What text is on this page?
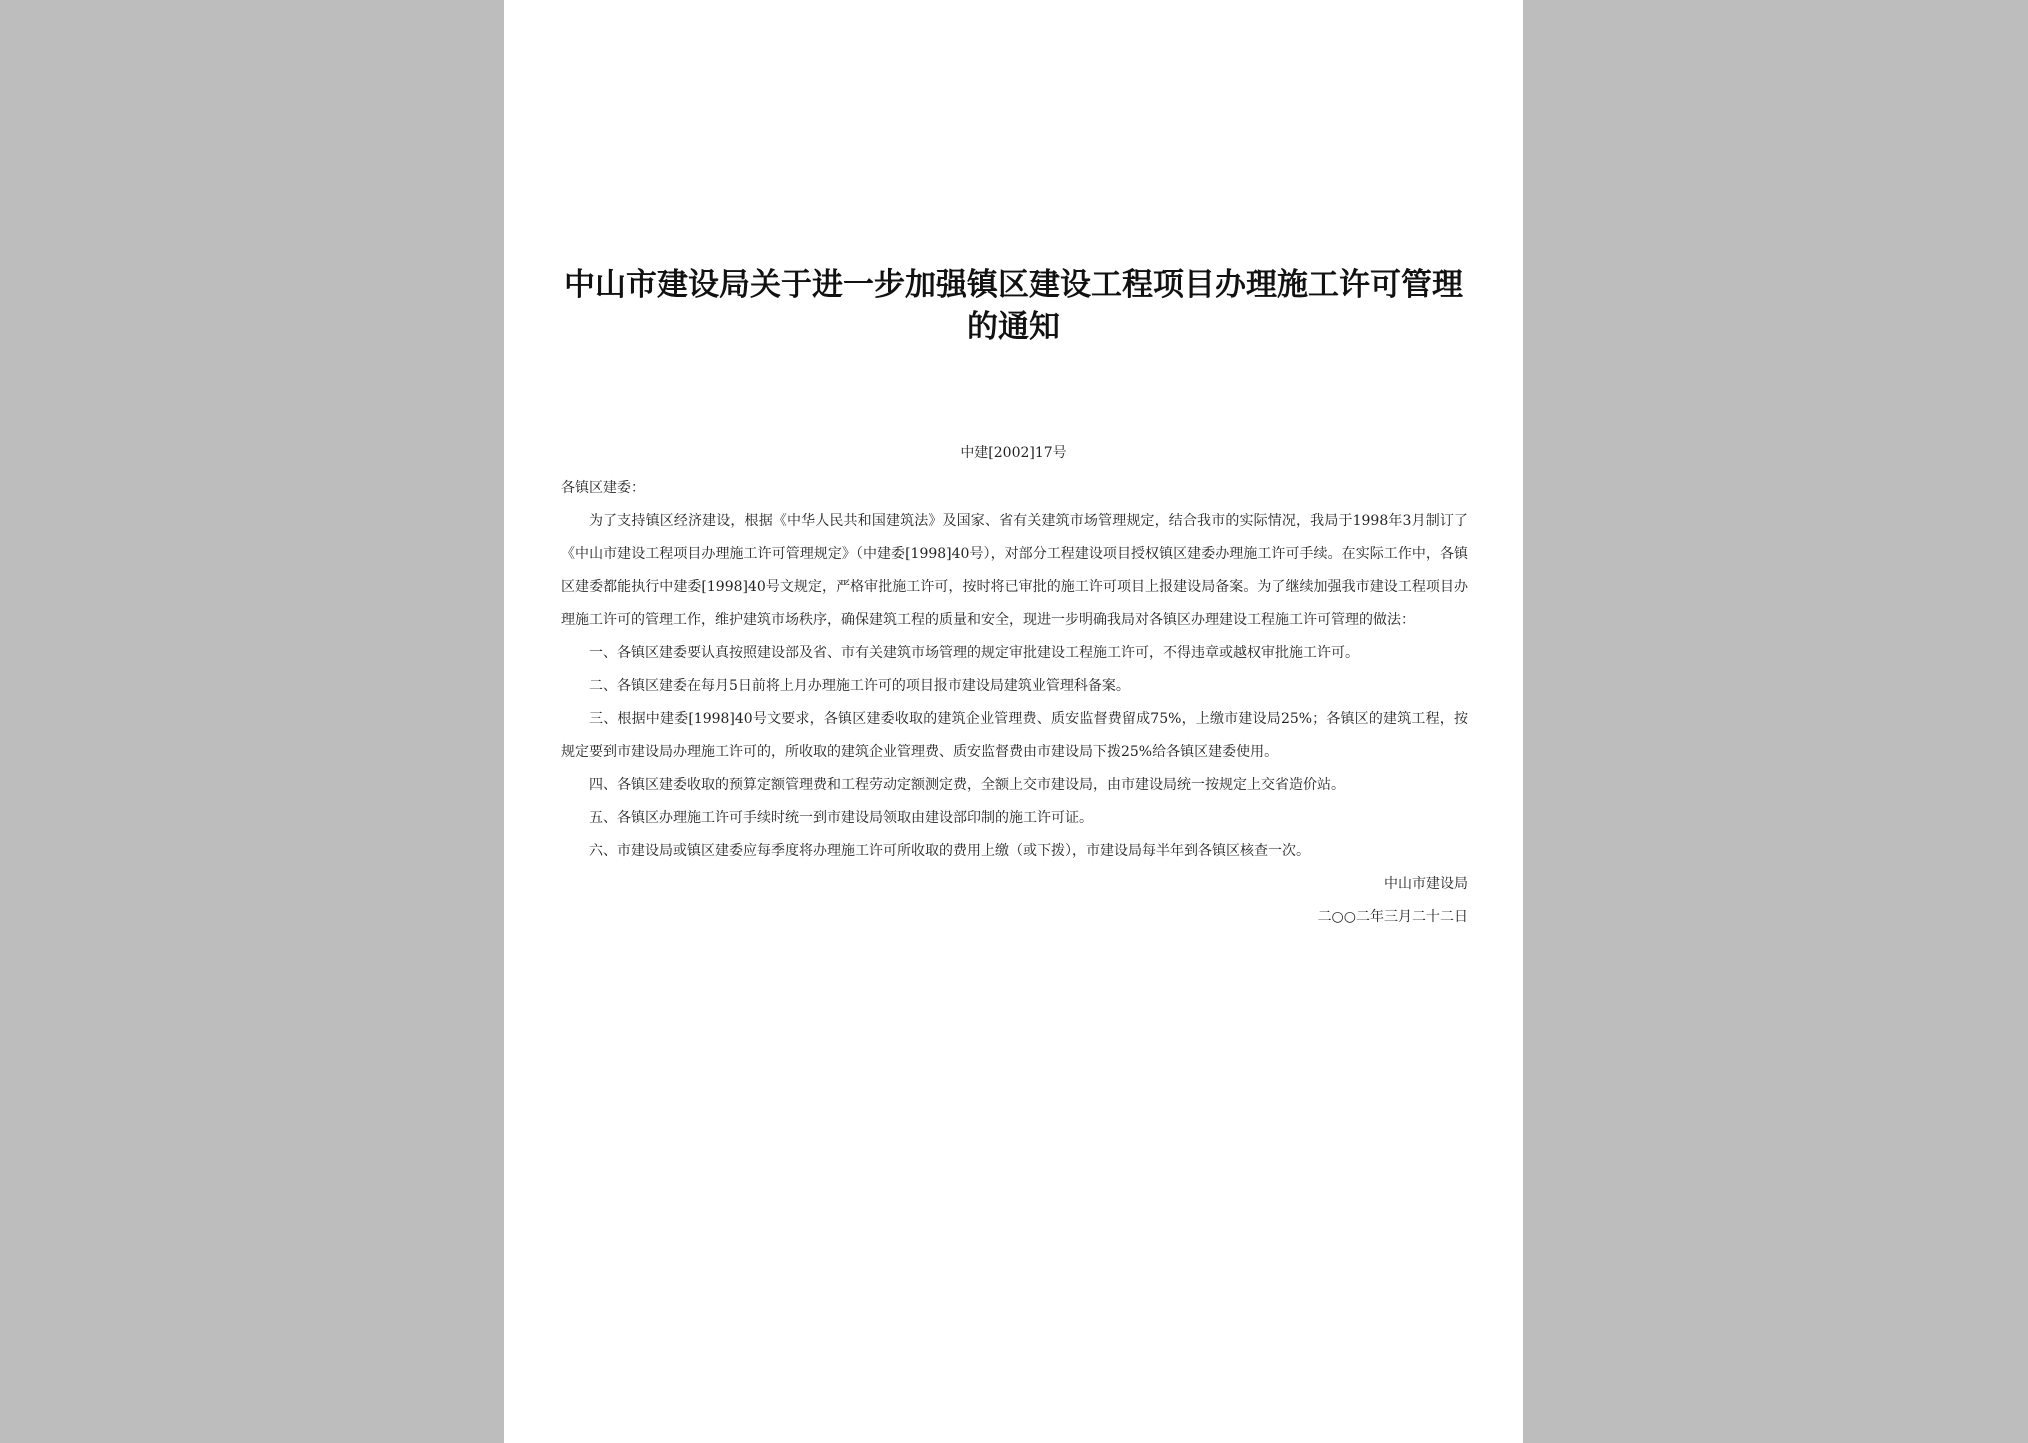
中山市建设局关于进一步加强镇区建设工程项目办理施工许可管理的通知
中建[2002]17号

各镇区建委：

为了支持镇区经济建设，根据《中华人民共和国建筑法》及国家、省有关建筑市场管理规定，结合我市的实际情况，我局于1998年3月制订了《中山市建设工程项目办理施工许可管理规定》（中建委[1998]40号），对部分工程建设项目授权镇区建委办理施工许可手续。在实际工作中，各镇区建委都能执行中建委[1998]40号文规定，严格审批施工许可，按时将已审批的施工许可项目上报建设局备案。为了继续加强我市建设工程项目办理施工许可的管理工作，维护建筑市场秩序，确保建筑工程的质量和安全，现进一步明确我局对各镇区办理建设工程施工许可管理的做法：

一、各镇区建委要认真按照建设部及省、市有关建筑市场管理的规定审批建设工程施工许可，不得违章或越权审批施工许可。

二、各镇区建委在每月5日前将上月办理施工许可的项目报市建设局建筑业管理科备案。

三、根据中建委[1998]40号文要求，各镇区建委收取的建筑企业管理费、质安监督费留成75%，上缴市建设局25%；各镇区的建筑工程，按规定要到市建设局办理施工许可的，所收取的建筑企业管理费、质安监督费由市建设局下拨25%给各镇区建委使用。

四、各镇区建委收取的预算定额管理费和工程劳动定额测定费，全额上交市建设局，由市建设局统一按规定上交省造价站。

五、各镇区办理施工许可手续时统一到市建设局领取由建设部印制的施工许可证。

六、市建设局或镇区建委应每季度将办理施工许可所收取的费用上缴（或下拨），市建设局每半年到各镇区核查一次。

中山市建设局

二○○二年三月二十二日
